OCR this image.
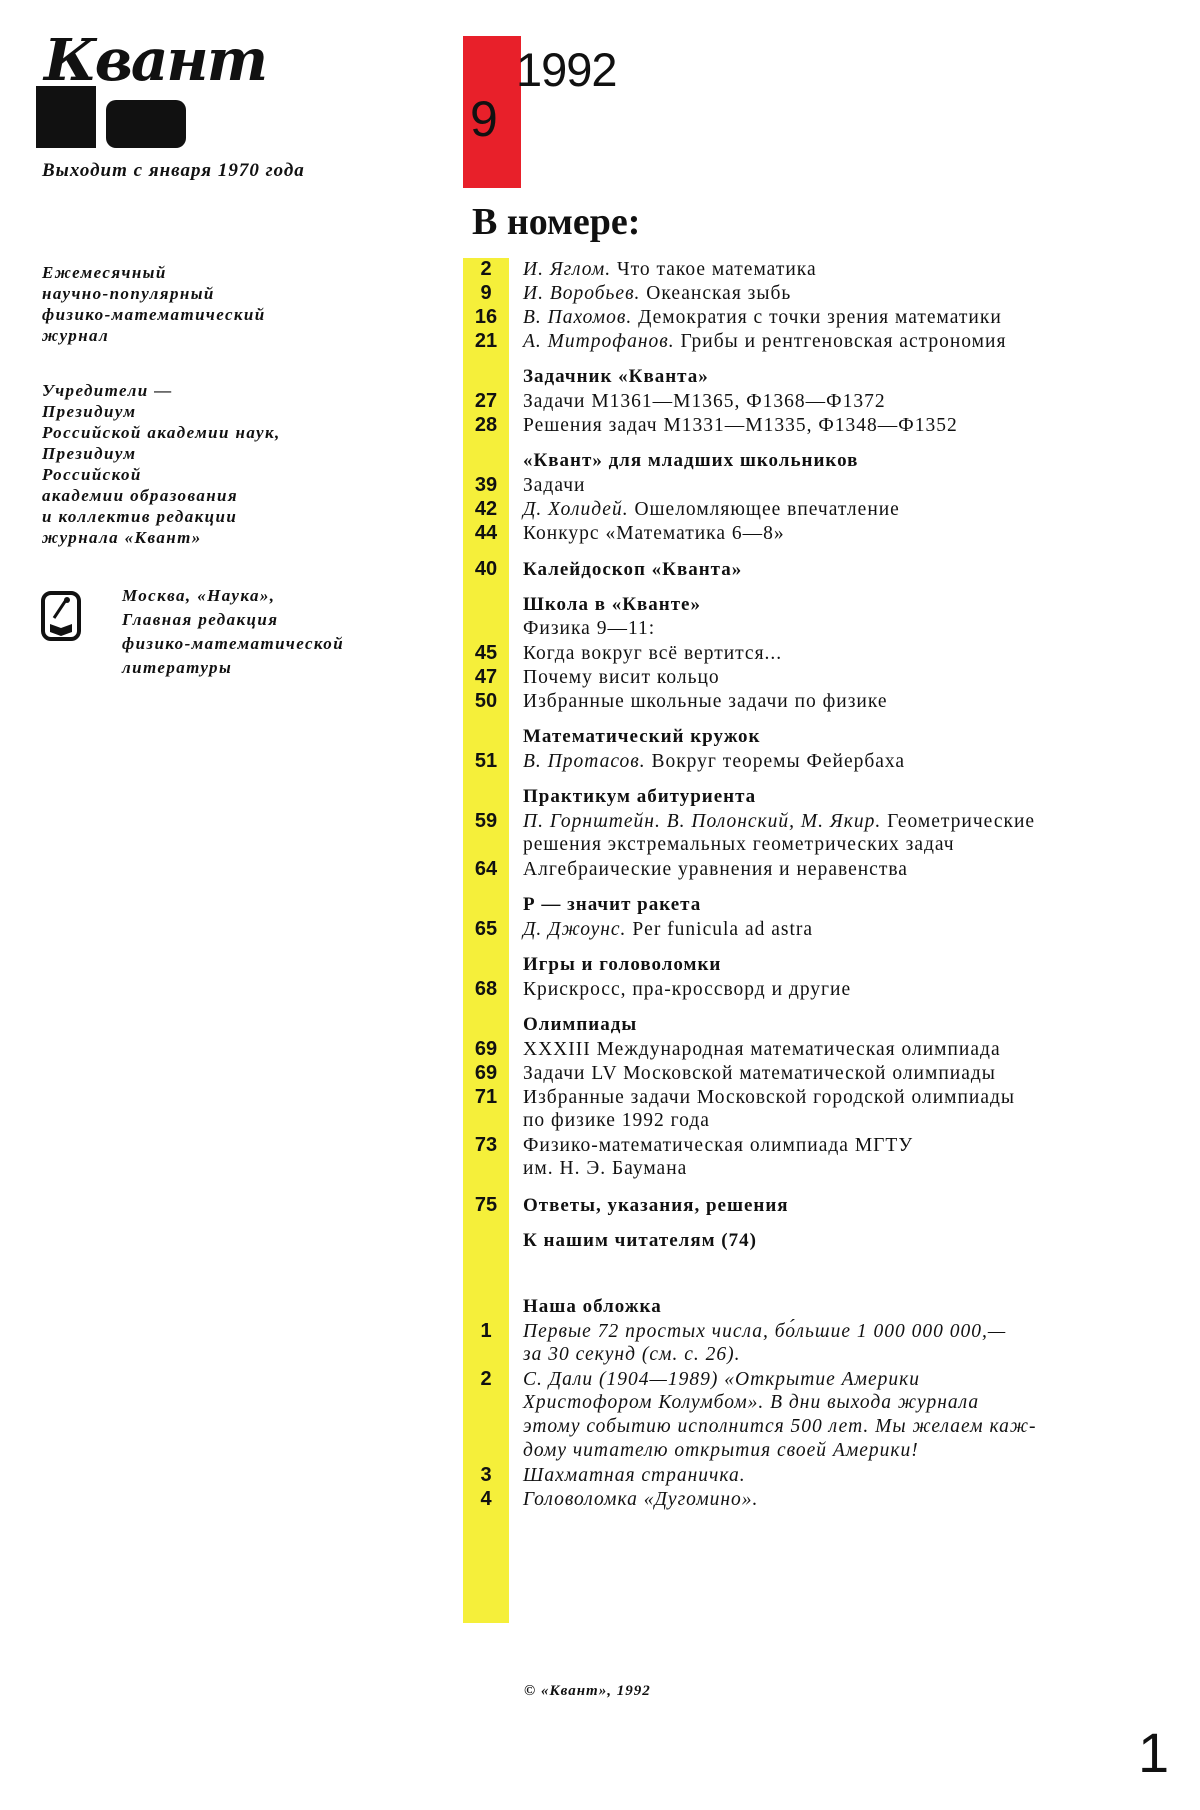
Квант
9
1992
Выходит с января 1970 года
В номере:
Ежемесячный
научно-популярный
физико-математический
журнал
Учредители —
Президиум
Российской академии наук,
Президиум
Российской
академии образования
и коллектив редакции
журнала «Квант»
Москва, «Наука»,
Главная редакция
физико-математической
литературы
2	И. Яглом. Что такое математика
9	И. Воробьев. Океанская зыбь
16	В. Пахомов. Демократия с точки зрения математики
21	А. Митрофанов. Грибы и рентгеновская астрономия
Задачник «Кванта»
27	Задачи М1361—М1365, Ф1368—Ф1372
28	Решения задач М1331—М1335, Ф1348—Ф1352
«Квант» для младших школьников
39	Задачи
42	Д. Холидей. Ошеломляющее впечатление
44	Конкурс «Математика 6—8»
40	Калейдоскоп «Кванта»
Школа в «Кванте»
Физика 9—11:
45	Когда вокруг всё вертится...
47	Почему висит кольцо
50	Избранные школьные задачи по физике
Математический кружок
51	В. Протасов. Вокруг теоремы Фейербаха
Практикум абитуриента
59	П. Горнштейн. В. Полонский, М. Якир. Геометрические
решения экстремальных геометрических задач
64	Алгебраические уравнения и неравенства
Р — значит ракета
65	Д. Джоунс. Per funicula ad astra
Игры и головоломки
68	Крискросс, пра-кроссворд и другие
Олимпиады
69	XXXIII Международная математическая олимпиада
69	Задачи LV Московской математической олимпиады
71	Избранные задачи Московской городской олимпиады
по физике 1992 года
73	Физико-математическая олимпиада МГТУ
им. Н. Э. Баумана
75	Ответы, указания, решения
К нашим читателям (74)
Наша обложка
1	Первые 72 простых числа, бо́льшие 1 000 000 000,—
за 30 секунд (см. с. 26).
2	С. Дали (1904—1989) «Открытие Америки
Христофором Колумбом». В дни выхода журнала
этому событию исполнится 500 лет. Мы желаем каж-
дому читателю открытия своей Америки!
3	Шахматная страничка.
4	Головоломка «Дугомино».
© «Квант», 1992
1
